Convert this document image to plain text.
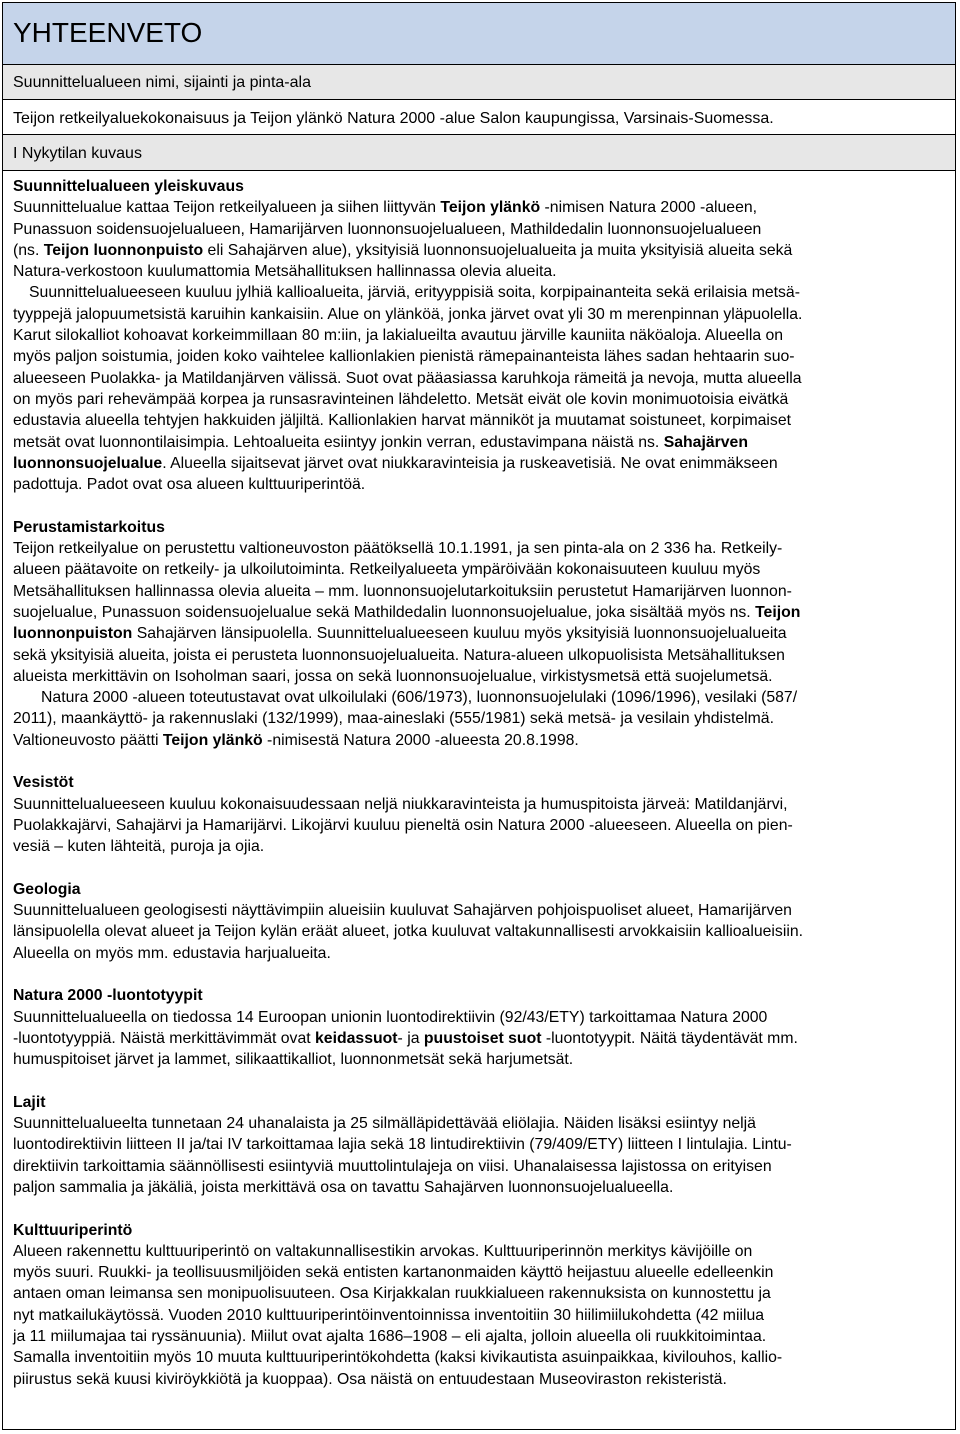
YHTEENVETO
Suunnittelualueen nimi, sijainti ja pinta-ala
Teijon retkeilyaluekokonaisuus ja Teijon ylänkö Natura 2000 -alue Salon kaupungissa, Varsinais-Suomessa.
I Nykytilan kuvaus

Suunnittelualueen yleiskuvaus

Suunnittelualue kattaa Teijon retkeilyalueen ja siihen liittyvän Teijon ylänkö -nimisen Natura 2000 -alueen,

Punassuon soidensuojelualueen, Hamarijärven luonnonsuojelualueen, Mathildedalin luonnonsuojelualueen

(ns. Teijon luonnonpuisto eli Sahajärven alue), yksityisiä luonnonsuojelualueita ja muita yksityisiä alueita sekä

Natura-verkostoon kuulumattomia Metsähallituksen hallinnassa olevia alueita.

Suunnittelualueeseen kuuluu jylhiä kallioalueita, järviä, erityyppisiä soita, korpipainanteita sekä erilaisia metsä-

tyyppejä jalopuumetsistä karuihin kankaisiin. Alue on ylänköä, jonka järvet ovat yli 30 m merenpinnan yläpuolella.

Karut silokalliot kohoavat korkeimmillaan 80 m:iin, ja lakialueilta avautuu järville kauniita näköaloja. Alueella on

myös paljon soistumia, joiden koko vaihtelee kallionlakien pienistä rämepainanteista lähes sadan hehtaarin suo-

alueeseen Puolakka- ja Matildanjärven välissä. Suot ovat pääasiassa karuhkoja rämeitä ja nevoja, mutta alueella

on myös pari rehevämpää korpea ja runsasravinteinen lähdeletto. Metsät eivät ole kovin monimuotoisia eivätkä

edustavia alueella tehtyjen hakkuiden jäljiltä. Kallionlakien harvat männiköt ja muutamat soistuneet, korpimaiset

metsät ovat luonnontilaisimpia. Lehtoalueita esiintyy jonkin verran, edustavimpana näistä ns. Sahajärven

luonnonsuojelualue. Alueella sijaitsevat järvet ovat niukkaravinteisia ja ruskeavetisiä. Ne ovat enimmäkseen

padottuja. Padot ovat osa alueen kulttuuriperintöä.

Perustamistarkoitus

Teijon retkeilyalue on perustettu valtioneuvoston päätöksellä 10.1.1991, ja sen pinta-ala on 2 336 ha. Retkeily-

alueen päätavoite on retkeily- ja ulkoilutoiminta. Retkeilyalueeta ympäröivään kokonaisuuteen kuuluu myös

Metsähallituksen hallinnassa olevia alueita – mm. luonnonsuojelutarkoituksiin perustetut Hamarijärven luonnon-

suojelualue, Punassuon soidensuojelualue sekä Mathildedalin luonnonsuojelualue, joka sisältää myös ns. Teijon

luonnonpuiston Sahajärven länsipuolella. Suunnittelualueeseen kuuluu myös yksityisiä luonnonsuojelualueita

sekä yksityisiä alueita, joista ei perusteta luonnonsuojelualueita. Natura-alueen ulkopuolisista Metsähallituksen

alueista merkittävin on Isoholman saari, jossa on sekä luonnonsuojelualue, virkistysmetsä että suojelumetsä.

Natura 2000 -alueen toteutustavat ovat ulkoilulaki (606/1973), luonnonsuojelulaki (1096/1996), vesilaki (587/

2011), maankäyttö- ja rakennuslaki (132/1999), maa-aineslaki (555/1981) sekä metsä- ja vesilain yhdistelmä.

Valtioneuvosto päätti Teijon ylänkö -nimisestä Natura 2000 -alueesta 20.8.1998.

Vesistöt

Suunnittelualueeseen kuuluu kokonaisuudessaan neljä niukkaravinteista ja humuspitoista järveä: Matildanjärvi,

Puolakkajärvi, Sahajärvi ja Hamarijärvi. Likojärvi kuuluu pieneltä osin Natura 2000 -alueeseen. Alueella on pien-

vesiä – kuten lähteitä, puroja ja ojia.

Geologia

Suunnittelualueen geologisesti näyttävimpiin alueisiin kuuluvat Sahajärven pohjoispuoliset alueet, Hamarijärven

länsipuolella olevat alueet ja Teijon kylän eräät alueet, jotka kuuluvat valtakunnallisesti arvokkaisiin kallioalueisiin.

Alueella on myös mm. edustavia harjualueita.

Natura 2000 -luontotyypit

Suunnittelualueella on tiedossa 14 Euroopan unionin luontodirektiivin (92/43/ETY) tarkoittamaa Natura 2000

-luontotyyppiä. Näistä merkittävimmät ovat keidassuot- ja puustoiset suot -luontotyypit. Näitä täydentävät mm.

humuspitoiset järvet ja lammet, silikaattikalliot, luonnonmetsät sekä harjumetsät.

Lajit

Suunnittelualueelta tunnetaan 24 uhanalaista ja 25 silmälläpidettävää eliölajia. Näiden lisäksi esiintyy neljä

luontodirektiivin liitteen II ja/tai IV tarkoittamaa lajia sekä 18 lintudirektiivin (79/409/ETY) liitteen I lintulajia. Lintu-

direktiivin tarkoittamia säännöllisesti esiintyviä muuttolintulajeja on viisi. Uhanalaisessa lajistossa on erityisen

paljon sammalia ja jäkäliä, joista merkittävä osa on tavattu Sahajärven luonnonsuojelualueella.

Kulttuuriperintö

Alueen rakennettu kulttuuriperintö on valtakunnallisestikin arvokas. Kulttuuriperinnön merkitys kävijöille on

myös suuri. Ruukki- ja teollisuusmiljöiden sekä entisten kartanonmaiden käyttö heijastuu alueelle edelleenkin

antaen oman leimansa sen monipuolisuuteen. Osa Kirjakkalan ruukkialueen rakennuksista on kunnostettu ja

nyt matkailukäytössä. Vuoden 2010 kulttuuriperintöinventoinnissa inventoitiin 30 hiilimiilukohdetta (42 miilua

ja 11 miilumajaa tai ryssänuunia). Miilut ovat ajalta 1686–1908 – eli ajalta, jolloin alueella oli ruukkitoimintaa.

Samalla inventoitiin myös 10 muuta kulttuuriperintökohdetta (kaksi kivikautista asuinpaikkaa, kivilouhos, kallio-

piirustus sekä kuusi kiviröykkiötä ja kuoppaa). Osa näistä on entuudestaan Museoviraston rekisteristä.
